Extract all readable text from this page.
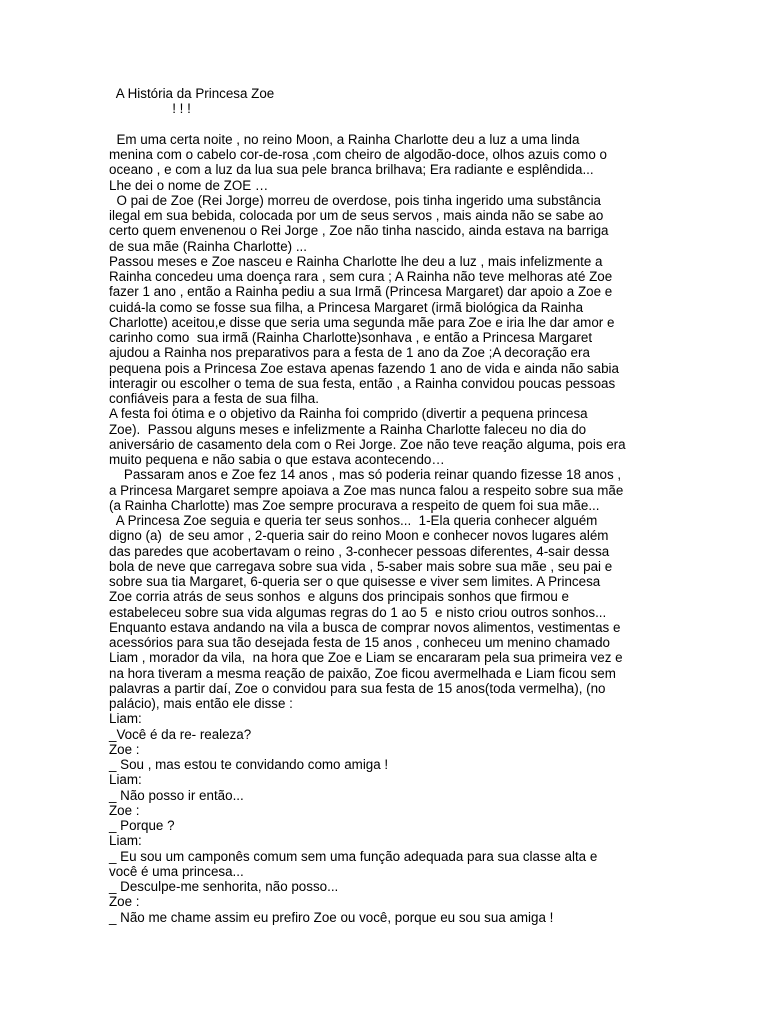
A História da Princesa Zoe
! ! !
Em uma certa noite , no reino Moon, a Rainha Charlotte deu a luz a uma linda
menina com o cabelo cor-de-rosa ,com cheiro de algodão-doce, olhos azuis como o
oceano , e com a luz da lua sua pele branca brilhava; Era radiante e esplêndida...
Lhe dei o nome de ZOE …
O pai de Zoe (Rei Jorge) morreu de overdose, pois tinha ingerido uma substância
ilegal em sua bebida, colocada por um de seus servos , mais ainda não se sabe ao
certo quem envenenou o Rei Jorge , Zoe não tinha nascido, ainda estava na barriga
de sua mãe (Rainha Charlotte) ...
Passou meses e Zoe nasceu e Rainha Charlotte lhe deu a luz , mais infelizmente a
Rainha concedeu uma doença rara , sem cura ; A Rainha não teve melhoras até Zoe
fazer 1 ano , então a Rainha pediu a sua Irmã (Princesa Margaret) dar apoio a Zoe e
cuidá-la como se fosse sua filha, a Princesa Margaret (irmã biológica da Rainha
Charlotte) aceitou,e disse que seria uma segunda mãe para Zoe e iria lhe dar amor e
carinho como  sua irmã (Rainha Charlotte)sonhava , e então a Princesa Margaret
ajudou a Rainha nos preparativos para a festa de 1 ano da Zoe ;A decoração era
pequena pois a Princesa Zoe estava apenas fazendo 1 ano de vida e ainda não sabia
interagir ou escolher o tema de sua festa, então , a Rainha convidou poucas pessoas
confiáveis para a festa de sua filha.
A festa foi ótima e o objetivo da Rainha foi comprido (divertir a pequena princesa
Zoe).  Passou alguns meses e infelizmente a Rainha Charlotte faleceu no dia do
aniversário de casamento dela com o Rei Jorge. Zoe não teve reação alguma, pois era
muito pequena e não sabia o que estava acontecendo…
Passaram anos e Zoe fez 14 anos , mas só poderia reinar quando fizesse 18 anos ,
a Princesa Margaret sempre apoiava a Zoe mas nunca falou a respeito sobre sua mãe
(a Rainha Charlotte) mas Zoe sempre procurava a respeito de quem foi sua mãe...
A Princesa Zoe seguia e queria ter seus sonhos...  1-Ela queria conhecer alguém
digno (a)  de seu amor , 2-queria sair do reino Moon e conhecer novos lugares além
das paredes que acobertavam o reino , 3-conhecer pessoas diferentes, 4-sair dessa
bola de neve que carregava sobre sua vida , 5-saber mais sobre sua mãe , seu pai e
sobre sua tia Margaret, 6-queria ser o que quisesse e viver sem limites. A Princesa
Zoe corria atrás de seus sonhos  e alguns dos principais sonhos que firmou e
estabeleceu sobre sua vida algumas regras do 1 ao 5  e nisto criou outros sonhos...
Enquanto estava andando na vila a busca de comprar novos alimentos, vestimentas e
acessórios para sua tão desejada festa de 15 anos , conheceu um menino chamado
Liam , morador da vila,  na hora que Zoe e Liam se encararam pela sua primeira vez e
na hora tiveram a mesma reação de paixão, Zoe ficou avermelhada e Liam ficou sem
palavras a partir daí, Zoe o convidou para sua festa de 15 anos(toda vermelha), (no
palácio), mais então ele disse :
Liam:
_Você é da re- realeza?
Zoe :
_ Sou , mas estou te convidando como amiga !
Liam:
_ Não posso ir então...
Zoe :
_ Porque ?
Liam:
_ Eu sou um camponês comum sem uma função adequada para sua classe alta e
você é uma princesa...
_ Desculpe-me senhorita, não posso...
Zoe :
_ Não me chame assim eu prefiro Zoe ou você, porque eu sou sua amiga !
